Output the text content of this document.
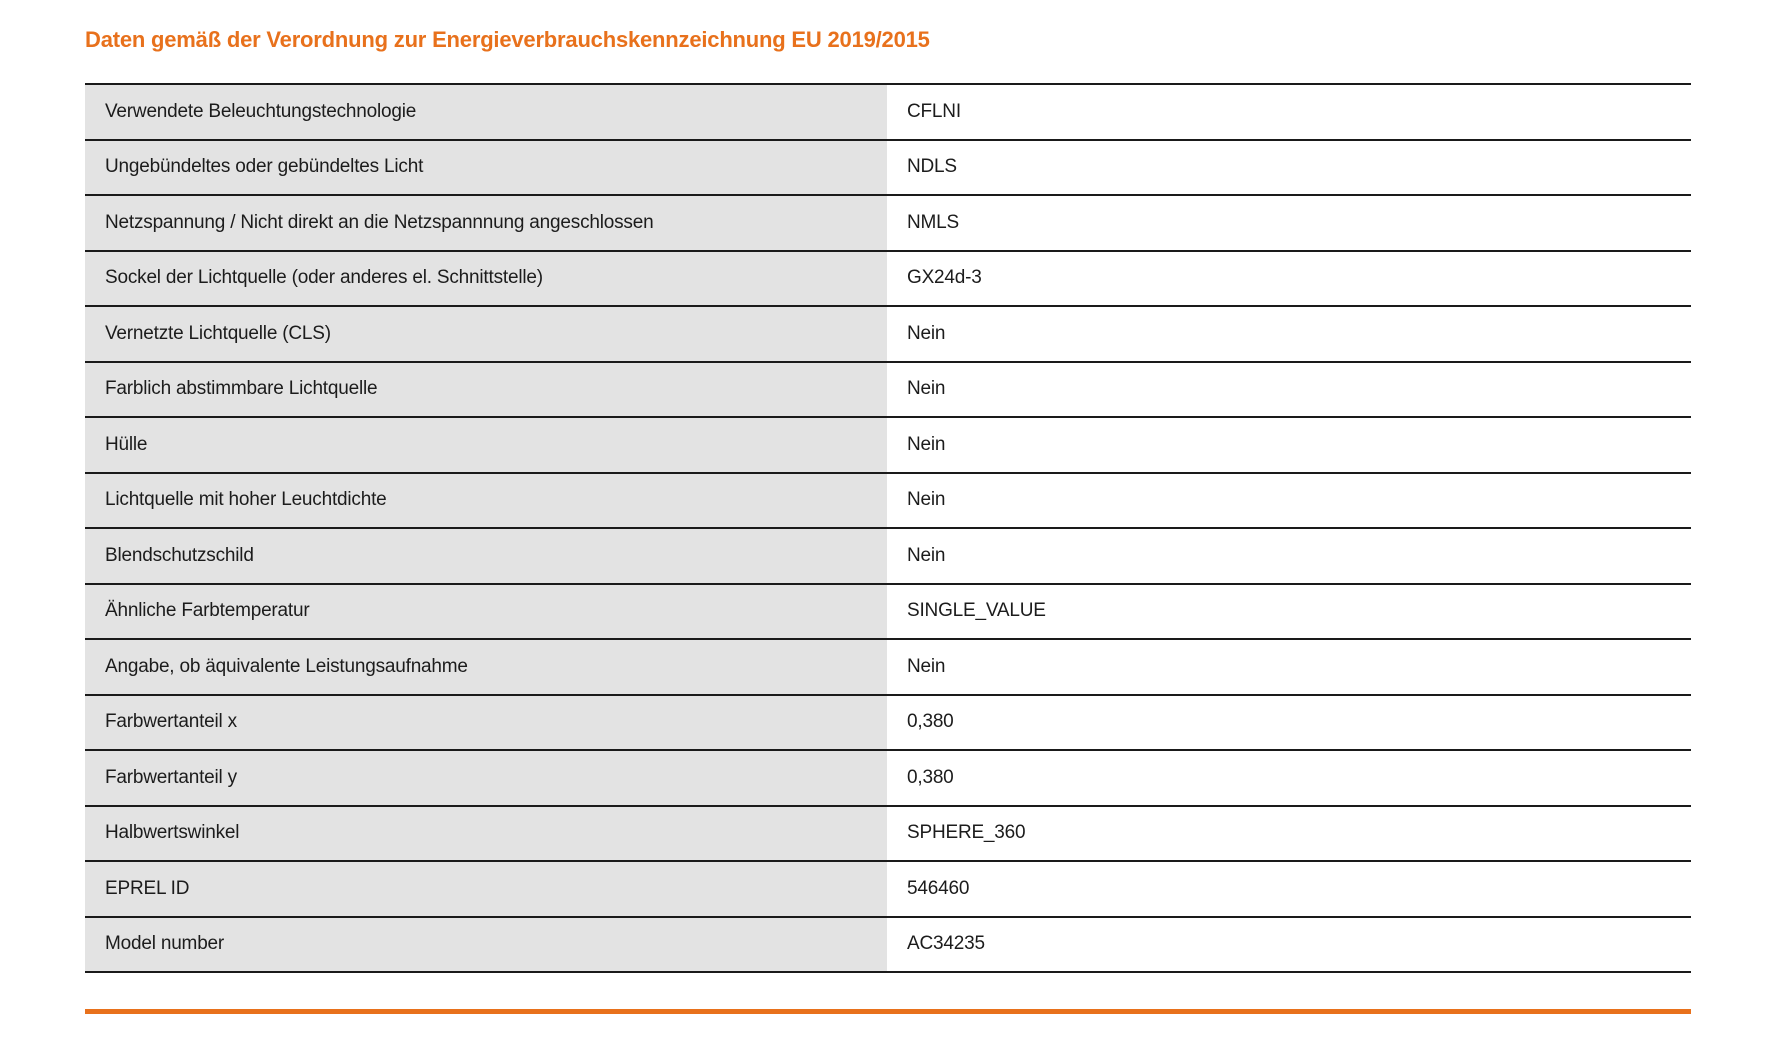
Daten gemäß der Verordnung zur Energieverbrauchskennzeichnung EU 2019/2015
Verwendete Beleuchtungstechnologie	CFLNI
Ungebündeltes oder gebündeltes Licht	NDLS
Netzspannung / Nicht direkt an die Netzspannnung angeschlossen	NMLS
Sockel der Lichtquelle (oder anderes el. Schnittstelle)	GX24d-3
Vernetzte Lichtquelle (CLS)	Nein
Farblich abstimmbare Lichtquelle	Nein
Hülle	Nein
Lichtquelle mit hoher Leuchtdichte	Nein
Blendschutzschild	Nein
Ähnliche Farbtemperatur	SINGLE_VALUE
Angabe, ob äquivalente Leistungsaufnahme	Nein
Farbwertanteil x	0,380
Farbwertanteil y	0,380
Halbwertswinkel	SPHERE_360
EPREL ID	546460
Model number	AC34235
